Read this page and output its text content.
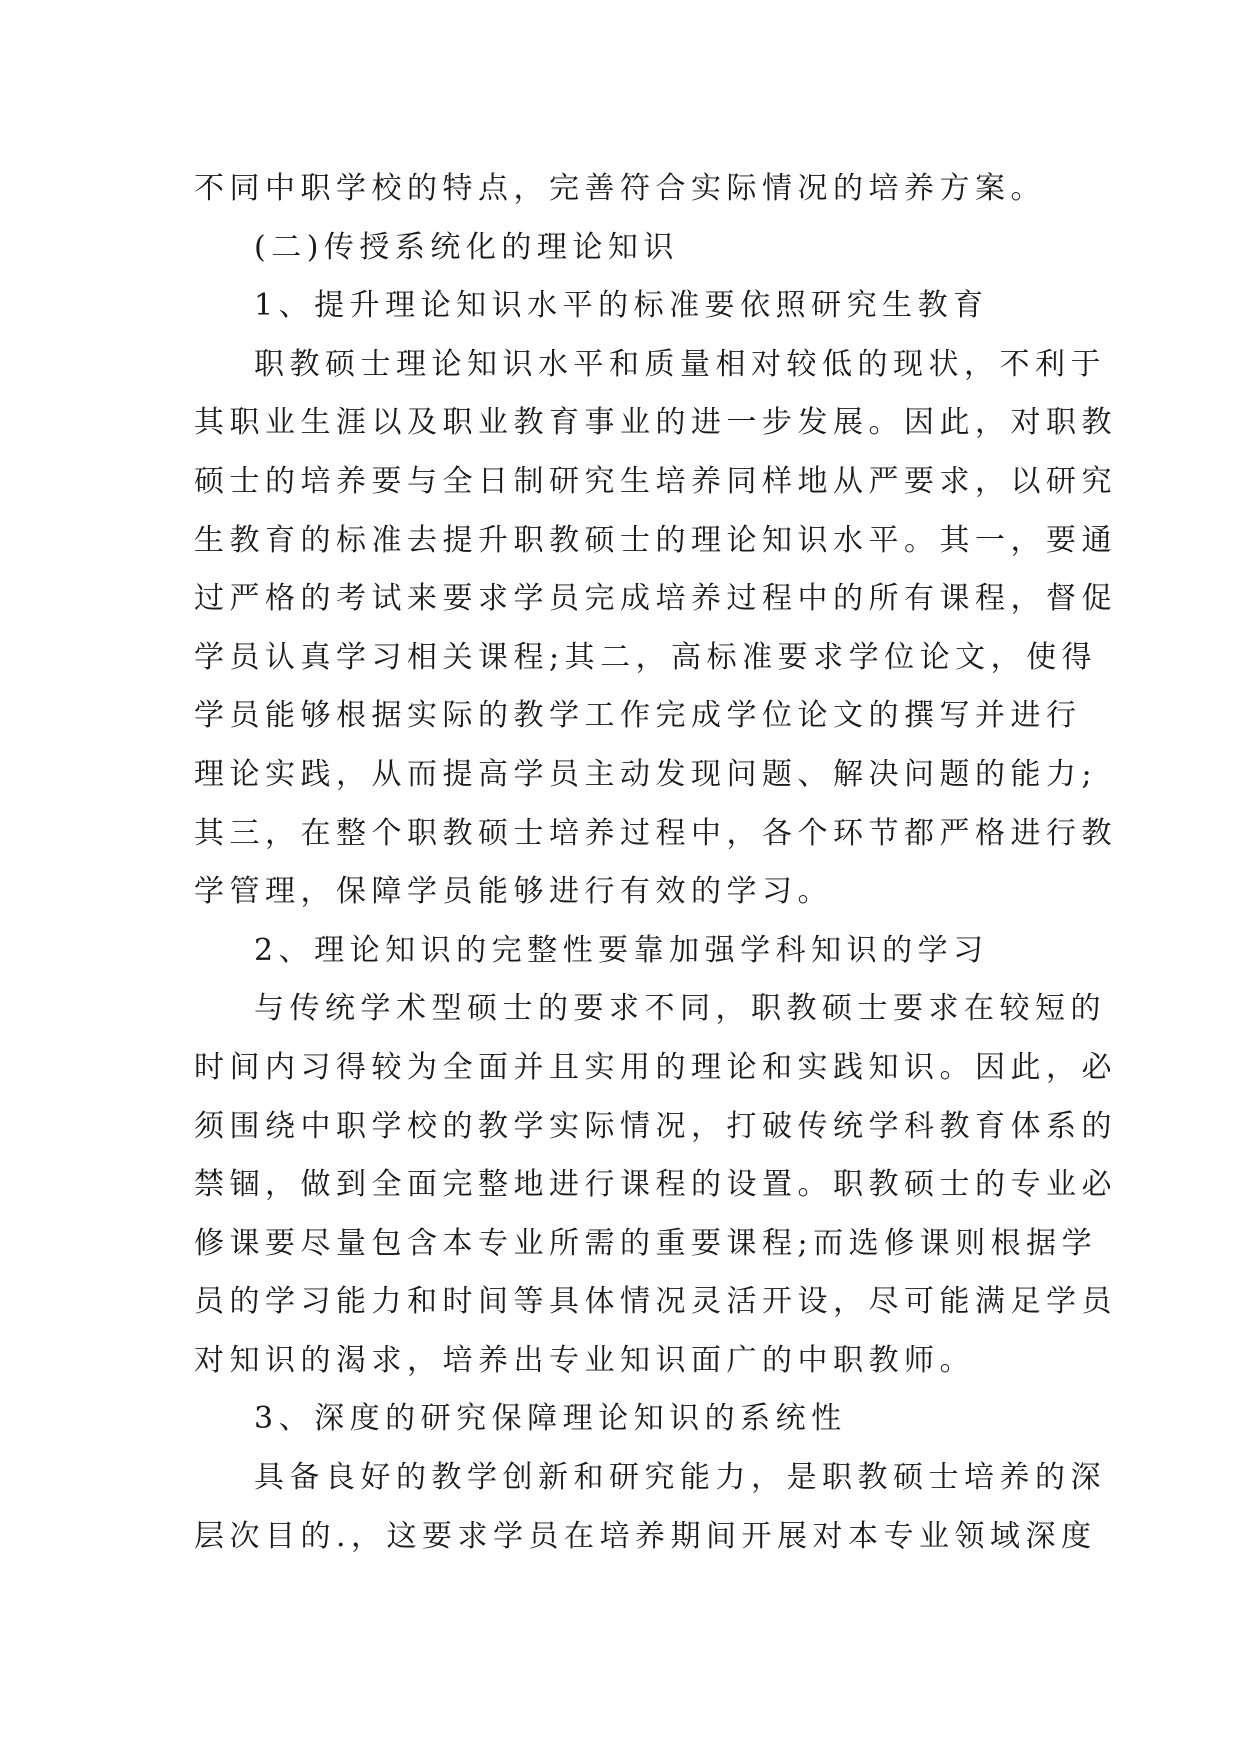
不同中职学校的特点，完善符合实际情况的培养方案。
(二)传授系统化的理论知识
1、提升理论知识水平的标准要依照研究生教育
职教硕士理论知识水平和质量相对较低的现状，不利于
其职业生涯以及职业教育事业的进一步发展。因此，对职教
硕士的培养要与全日制研究生培养同样地从严要求，以研究
生教育的标准去提升职教硕士的理论知识水平。其一，要通
过严格的考试来要求学员完成培养过程中的所有课程，督促
学员认真学习相关课程;其二，高标准要求学位论文，使得
学员能够根据实际的教学工作完成学位论文的撰写并进行
理论实践，从而提高学员主动发现问题、解决问题的能力;
其三，在整个职教硕士培养过程中，各个环节都严格进行教
学管理，保障学员能够进行有效的学习。
2、理论知识的完整性要靠加强学科知识的学习
与传统学术型硕士的要求不同，职教硕士要求在较短的
时间内习得较为全面并且实用的理论和实践知识。因此，必
须围绕中职学校的教学实际情况，打破传统学科教育体系的
禁锢，做到全面完整地进行课程的设置。职教硕士的专业必
修课要尽量包含本专业所需的重要课程;而选修课则根据学
员的学习能力和时间等具体情况灵活开设，尽可能满足学员
对知识的渴求，培养出专业知识面广的中职教师。
3、深度的研究保障理论知识的系统性
具备良好的教学创新和研究能力，是职教硕士培养的深
层次目的.，这要求学员在培养期间开展对本专业领域深度
